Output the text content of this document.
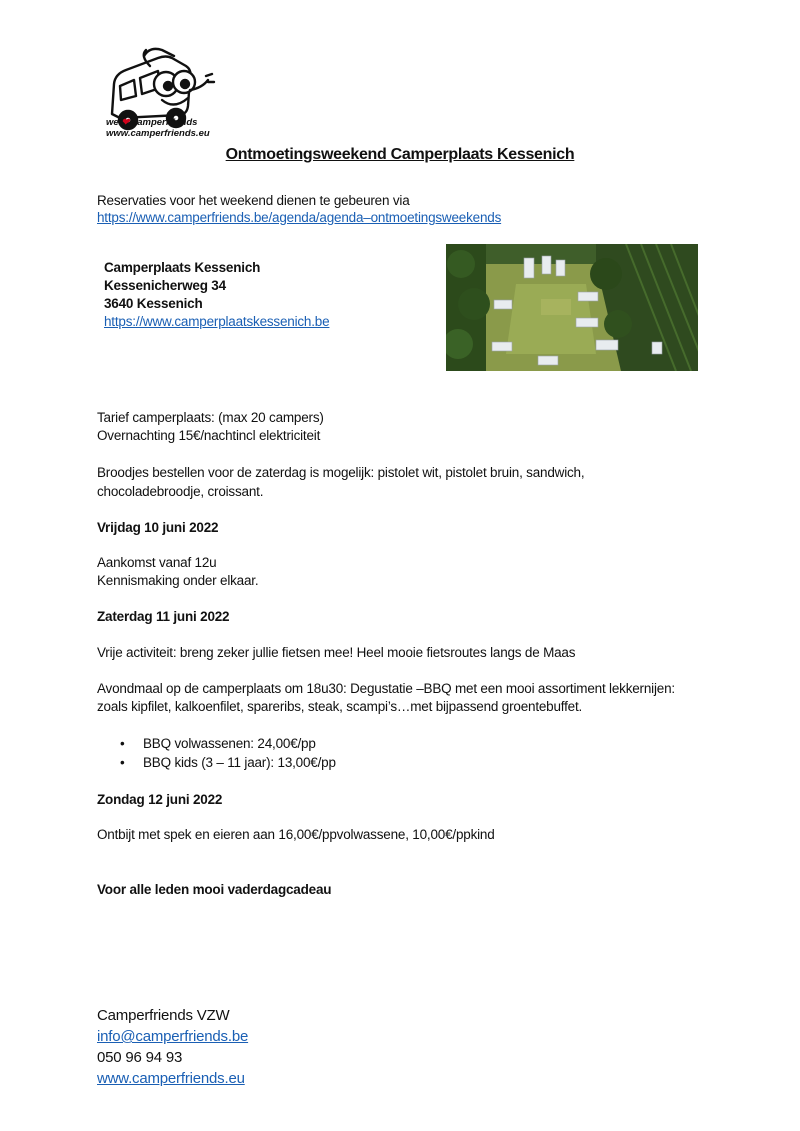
we ❤ camperfriends
www.camperfriends.eu
Ontmoetingsweekend Camperplaats Kessenich
Reservaties voor het weekend dienen te gebeuren via
https://www.camperfriends.be/agenda/agenda–ontmoetingsweekends
Camperplaats Kessenich
Kessenicherweg 34
3640 Kessenich
https://www.camperplaatskessenich.be
Tarief camperplaats: (max 20 campers)
Overnachting 15€/nachtincl elektriciteit
Broodjes bestellen voor de zaterdag is mogelijk: pistolet wit, pistolet bruin, sandwich,
chocoladebroodje, croissant.
Vrijdag 10 juni 2022
Aankomst vanaf 12u
Kennismaking onder elkaar.
Zaterdag 11 juni 2022
Vrije activiteit: breng zeker jullie fietsen mee! Heel mooie fietsroutes langs de Maas
Avondmaal op de camperplaats om 18u30: Degustatie –BBQ met een mooi assortiment lekkernijen:
zoals kipfilet, kalkoenfilet, spareribs, steak, scampi’s…met bijpassend groentebuffet.
• BBQ volwassenen: 24,00€/pp
• BBQ kids (3 – 11 jaar): 13,00€/pp
Zondag 12 juni 2022
Ontbijt met spek en eieren aan 16,00€/ppvolwassene, 10,00€/ppkind
Voor alle leden mooi vaderdagcadeau
Camperfriends VZW
info@camperfriends.be
050 96 94 93
www.camperfriends.eu
